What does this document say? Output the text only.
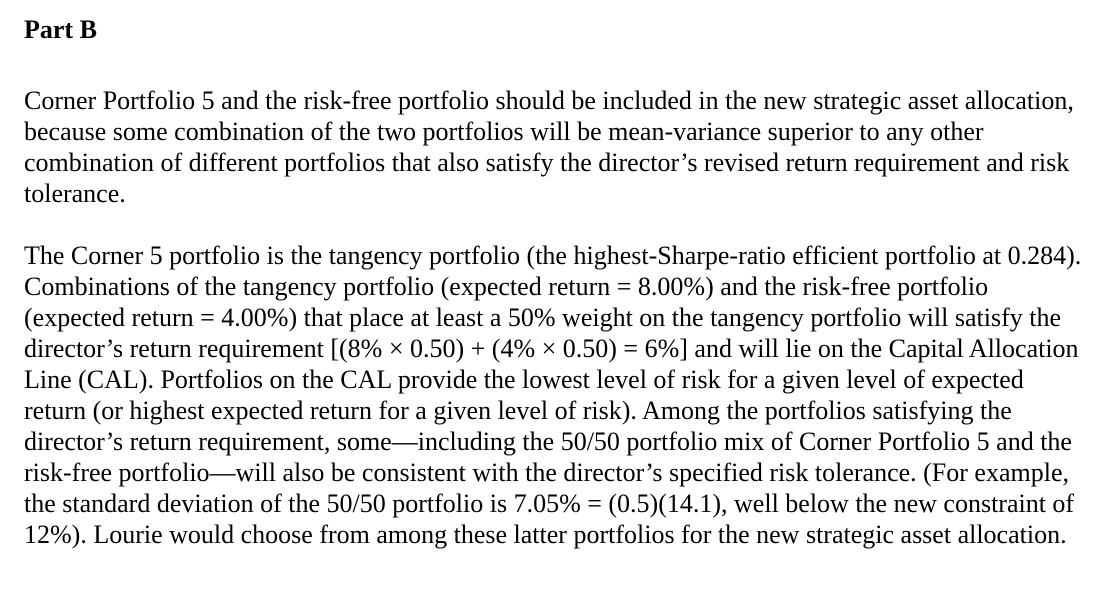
Part B

Corner Portfolio 5 and the risk-free portfolio should be included in the new strategic asset allocation, because some combination of the two portfolios will be mean-variance superior to any other combination of different portfolios that also satisfy the director’s revised return requirement and risk tolerance.

The Corner 5 portfolio is the tangency portfolio (the highest-Sharpe-ratio efficient portfolio at 0.284). Combinations of the tangency portfolio (expected return = 8.00%) and the risk-free portfolio (expected return = 4.00%) that place at least a 50% weight on the tangency portfolio will satisfy the director’s return requirement [(8% × 0.50) + (4% × 0.50) = 6%] and will lie on the Capital Allocation Line (CAL). Portfolios on the CAL provide the lowest level of risk for a given level of expected return (or highest expected return for a given level of risk). Among the portfolios satisfying the director’s return requirement, some—including the 50/50 portfolio mix of Corner Portfolio 5 and the risk-free portfolio—will also be consistent with the director’s specified risk tolerance. (For example, the standard deviation of the 50/50 portfolio is 7.05% = (0.5)(14.1), well below the new constraint of 12%). Lourie would choose from among these latter portfolios for the new strategic asset allocation.
